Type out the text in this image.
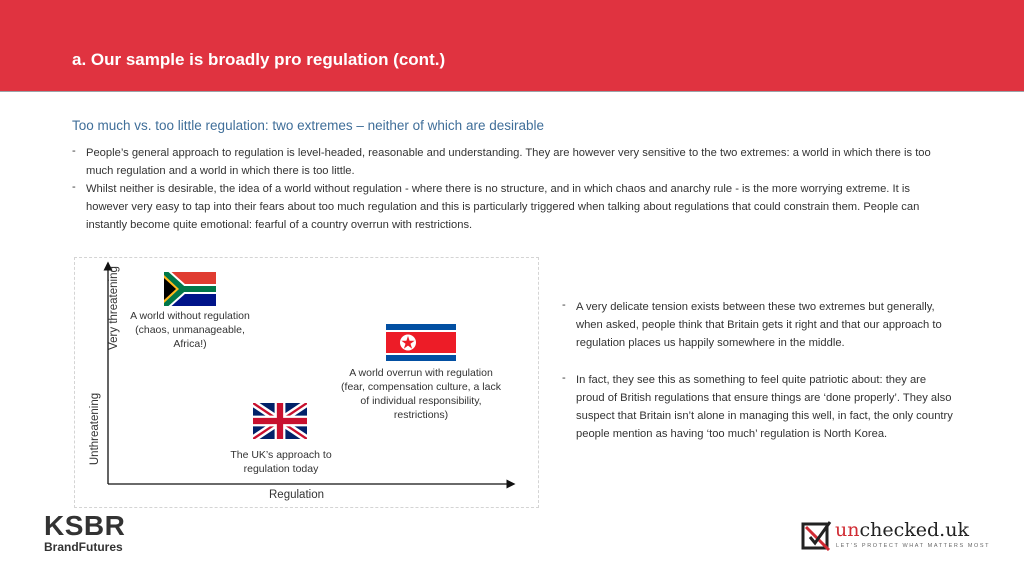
a. Our sample is broadly pro regulation (cont.)
Too much vs. too little regulation: two extremes – neither of which are desirable
- People’s general approach to regulation is level-headed, reasonable and understanding. They are however very sensitive to the two extremes: a world in which there is too much regulation and a world in which there is too little.
- Whilst neither is desirable, the idea of a world without regulation - where there is no structure, and in which chaos and anarchy rule - is the more worrying extreme. It is however very easy to tap into their fears about too much regulation and this is particularly triggered when talking about regulations that could constrain them. People can instantly become quite emotional: fearful of a country overrun with restrictions.
Very threatening
Unthreatening
Regulation
A world without regulation (chaos, unmanageable, Africa!)
A world overrun with regulation (fear, compensation culture, a lack of individual responsibility, restrictions)
The UK’s approach to regulation today
- A very delicate tension exists between these two extremes but generally, when asked, people think that Britain gets it right and that our approach to regulation places us happily somewhere in the middle.
- In fact, they see this as something to feel quite patriotic about: they are proud of British regulations that ensure things are ‘done properly’. They also suspect that Britain isn’t alone in managing this well, in fact, the only country people mention as having ‘too much’ regulation is North Korea.
KSBR
BrandFutures
unchecked.uk
LET'S PROTECT WHAT MATTERS MOST
